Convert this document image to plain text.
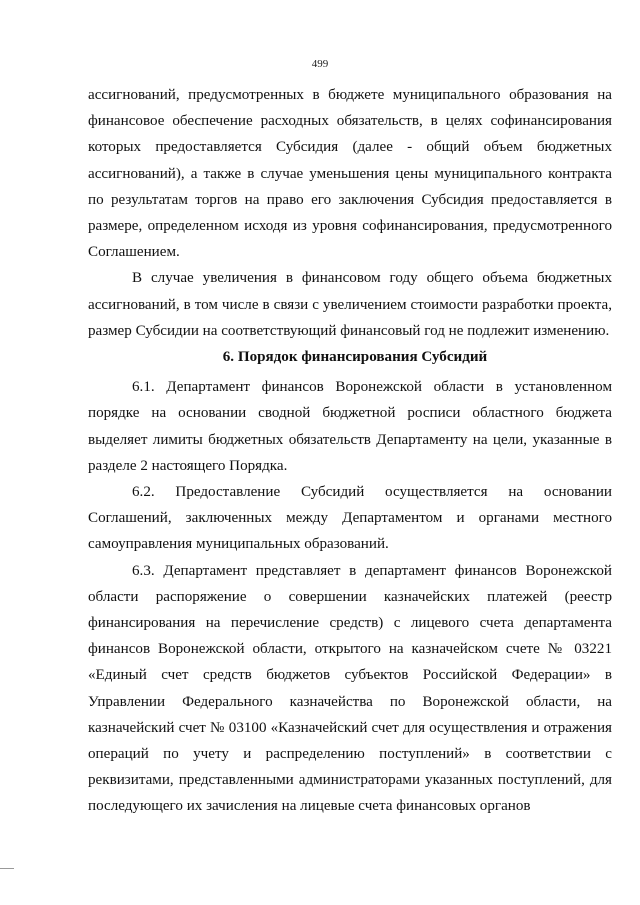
499

ассигнований, предусмотренных в бюджете муниципального образования на финансовое обеспечение расходных обязательств, в целях софинансирования которых предоставляется Субсидия (далее - общий объем бюджетных ассигнований), а также в случае уменьшения цены муниципального контракта по результатам торгов на право его заключения Субсидия предоставляется в размере, определенном исходя из уровня софинансирования, предусмотренного Соглашением.

В случае увеличения в финансовом году общего объема бюджетных ассигнований, в том числе в связи с увеличением стоимости разработки проекта, размер Субсидии на соответствующий финансовый год не подлежит изменению.

6. Порядок финансирования Субсидий

6.1. Департамент финансов Воронежской области в установленном порядке на основании сводной бюджетной росписи областного бюджета выделяет лимиты бюджетных обязательств Департаменту на цели, указанные в разделе 2 настоящего Порядка.

6.2. Предоставление Субсидий осуществляется на основании Соглашений, заключенных между Департаментом и органами местного самоуправления муниципальных образований.

6.3. Департамент представляет в департамент финансов Воронежской области распоряжение о совершении казначейских платежей (реестр финансирования на перечисление средств) с лицевого счета департамента финансов Воронежской области, открытого на казначейском счете № 03221 «Единый счет средств бюджетов субъектов Российской Федерации» в Управлении Федерального казначейства по Воронежской области, на казначейский счет № 03100 «Казначейский счет для осуществления и отражения операций по учету и распределению поступлений» в соответствии с реквизитами, представленными администраторами указанных поступлений, для последующего их зачисления на лицевые счета финансовых органов
